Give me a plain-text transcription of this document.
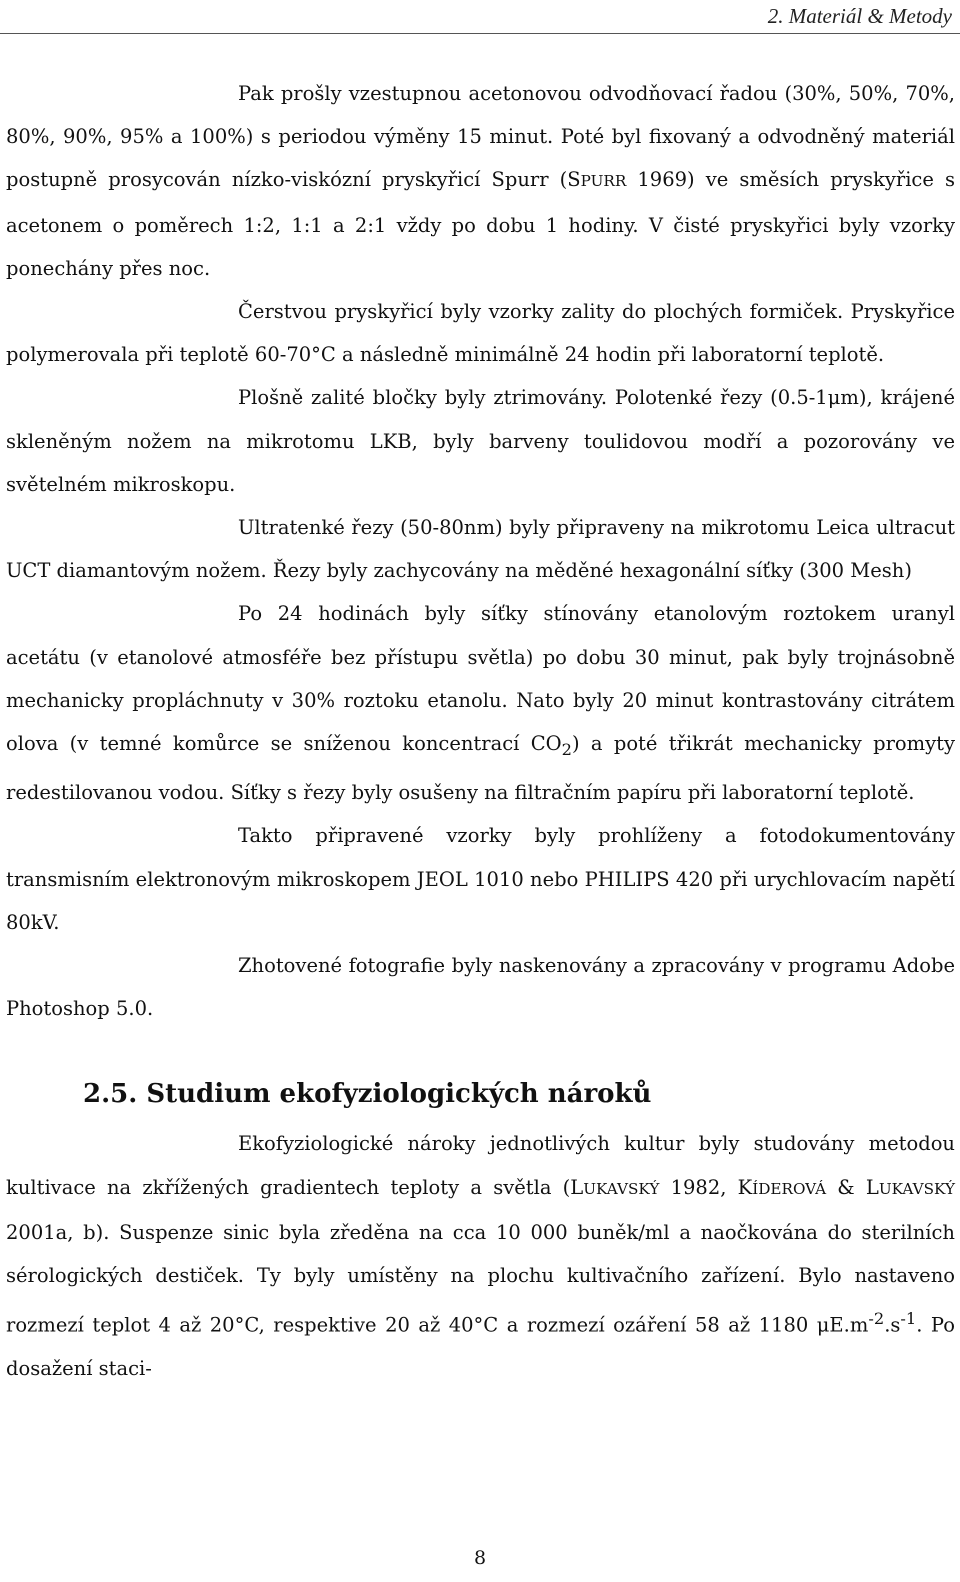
2. Materiál & Metody

Pak prošly vzestupnou acetonovou odvodňovací řadou (30%, 50%, 70%, 80%, 90%, 95% a 100%) s periodou výměny 15 minut. Poté byl fixovaný a odvodněný materiál postupně prosycován nízko-viskózní pryskyřicí Spurr (SPURR 1969) ve směsích pryskyřice s acetonem o poměrech 1:2, 1:1 a 2:1 vždy po dobu 1 hodiny. V čisté pryskyřici byly vzorky ponechány přes noc.

Čerstvou pryskyřicí byly vzorky zality do plochých formiček. Pryskyřice polymerovala při teplotě 60-70°C a následně minimálně 24 hodin při laboratorní teplotě.

Plošně zalité bločky byly ztrimovány. Polotenké řezy (0.5-1μm), krájené skleněným nožem na mikrotomu LKB, byly barveny toulidovou modří a pozorovány ve světelném mikroskopu.

Ultratenké řezy (50-80nm) byly připraveny na mikrotomu Leica ultracut UCT diamantovým nožem. Řezy byly zachycovány na měděné hexagonální síťky (300 Mesh)

Po 24 hodinách byly síťky stínovány etanolovým roztokem uranyl acetátu (v etanolové atmosféře bez přístupu světla) po dobu 30 minut, pak byly trojnásobně mechanicky propláchnuty v 30% roztoku etanolu. Nato byly 20 minut kontrastovány citrátem olova (v temné komůrce se sníženou koncentrací $CO_2$) a poté třikrát mechanicky promyty redestilovanou vodou. Síťky s řezy byly osušeny na filtračním papíru při laboratorní teplotě.

Takto připravené vzorky byly prohlíženy a fotodokumentovány transmisním elektronovým mikroskopem JEOL 1010 nebo PHILIPS 420 při urychlovacím napětí 80kV.

Zhotovené fotografie byly naskenovány a zpracovány v programu Adobe Photoshop 5.0.

2.5. Studium ekofyziologických nároků

Ekofyziologické nároky jednotlivých kultur byly studovány metodou kultivace na zkřížených gradientech teploty a světla (LUKAVSKÝ 1982, KÍDEROVÁ & LUKAVSKÝ 2001a, b). Suspenze sinic byla zředěna na cca 10 000 buněk/ml a naočkována do sterilních sérologických destiček. Ty byly umístěny na plochu kultivačního zařízení. Bylo nastaveno rozmezí teplot 4 až 20°C, respektive 20 až 40°C a rozmezí ozáření 58 až 1180 $\mu E.m^{-2}.s^{-1}$. Po dosažení staci-

8
